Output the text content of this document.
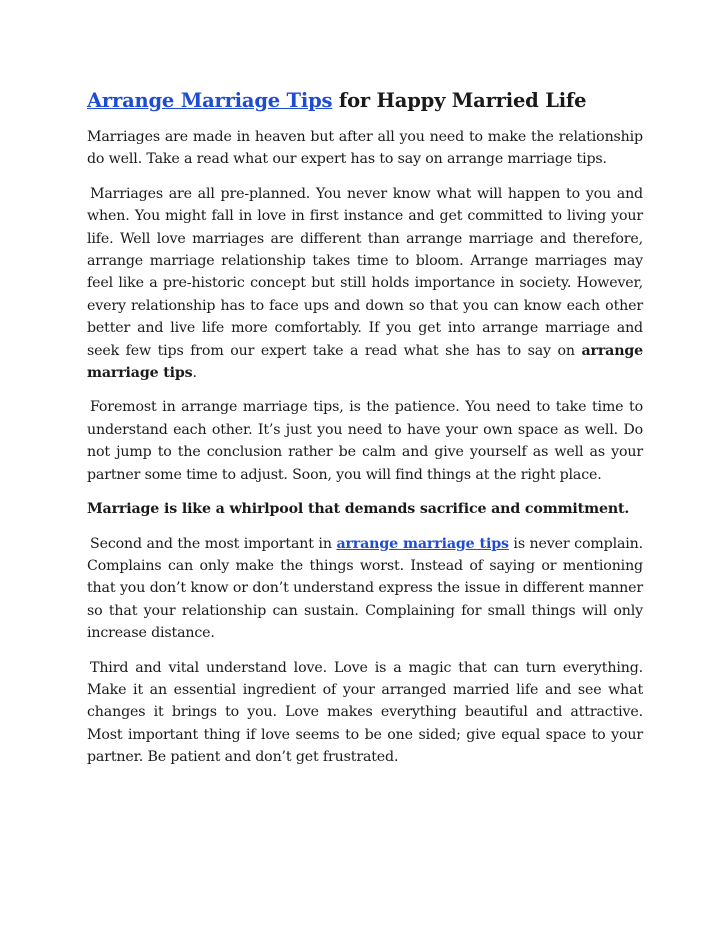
Arrange Marriage Tips for Happy Married Life

Marriages are made in heaven but after all you need to make the relationship do well. Take a read what our expert has to say on arrange marriage tips.

Marriages are all pre-planned. You never know what will happen to you and when. You might fall in love in first instance and get committed to living your life. Well love marriages are different than arrange marriage and therefore, arrange marriage relationship takes time to bloom. Arrange marriages may feel like a pre-historic concept but still holds importance in society. However, every relationship has to face ups and down so that you can know each other better and live life more comfortably. If you get into arrange marriage and seek few tips from our expert take a read what she has to say on arrange marriage tips.

Foremost in arrange marriage tips, is the patience. You need to take time to understand each other. It’s just you need to have your own space as well. Do not jump to the conclusion rather be calm and give yourself as well as your partner some time to adjust. Soon, you will find things at the right place.

Marriage is like a whirlpool that demands sacrifice and commitment.

Second and the most important in arrange marriage tips is never complain. Complains can only make the things worst. Instead of saying or mentioning that you don’t know or don’t understand express the issue in different manner so that your relationship can sustain. Complaining for small things will only increase distance.

Third and vital understand love. Love is a magic that can turn everything. Make it an essential ingredient of your arranged married life and see what changes it brings to you. Love makes everything beautiful and attractive. Most important thing if love seems to be one sided; give equal space to your partner. Be patient and don’t get frustrated.
